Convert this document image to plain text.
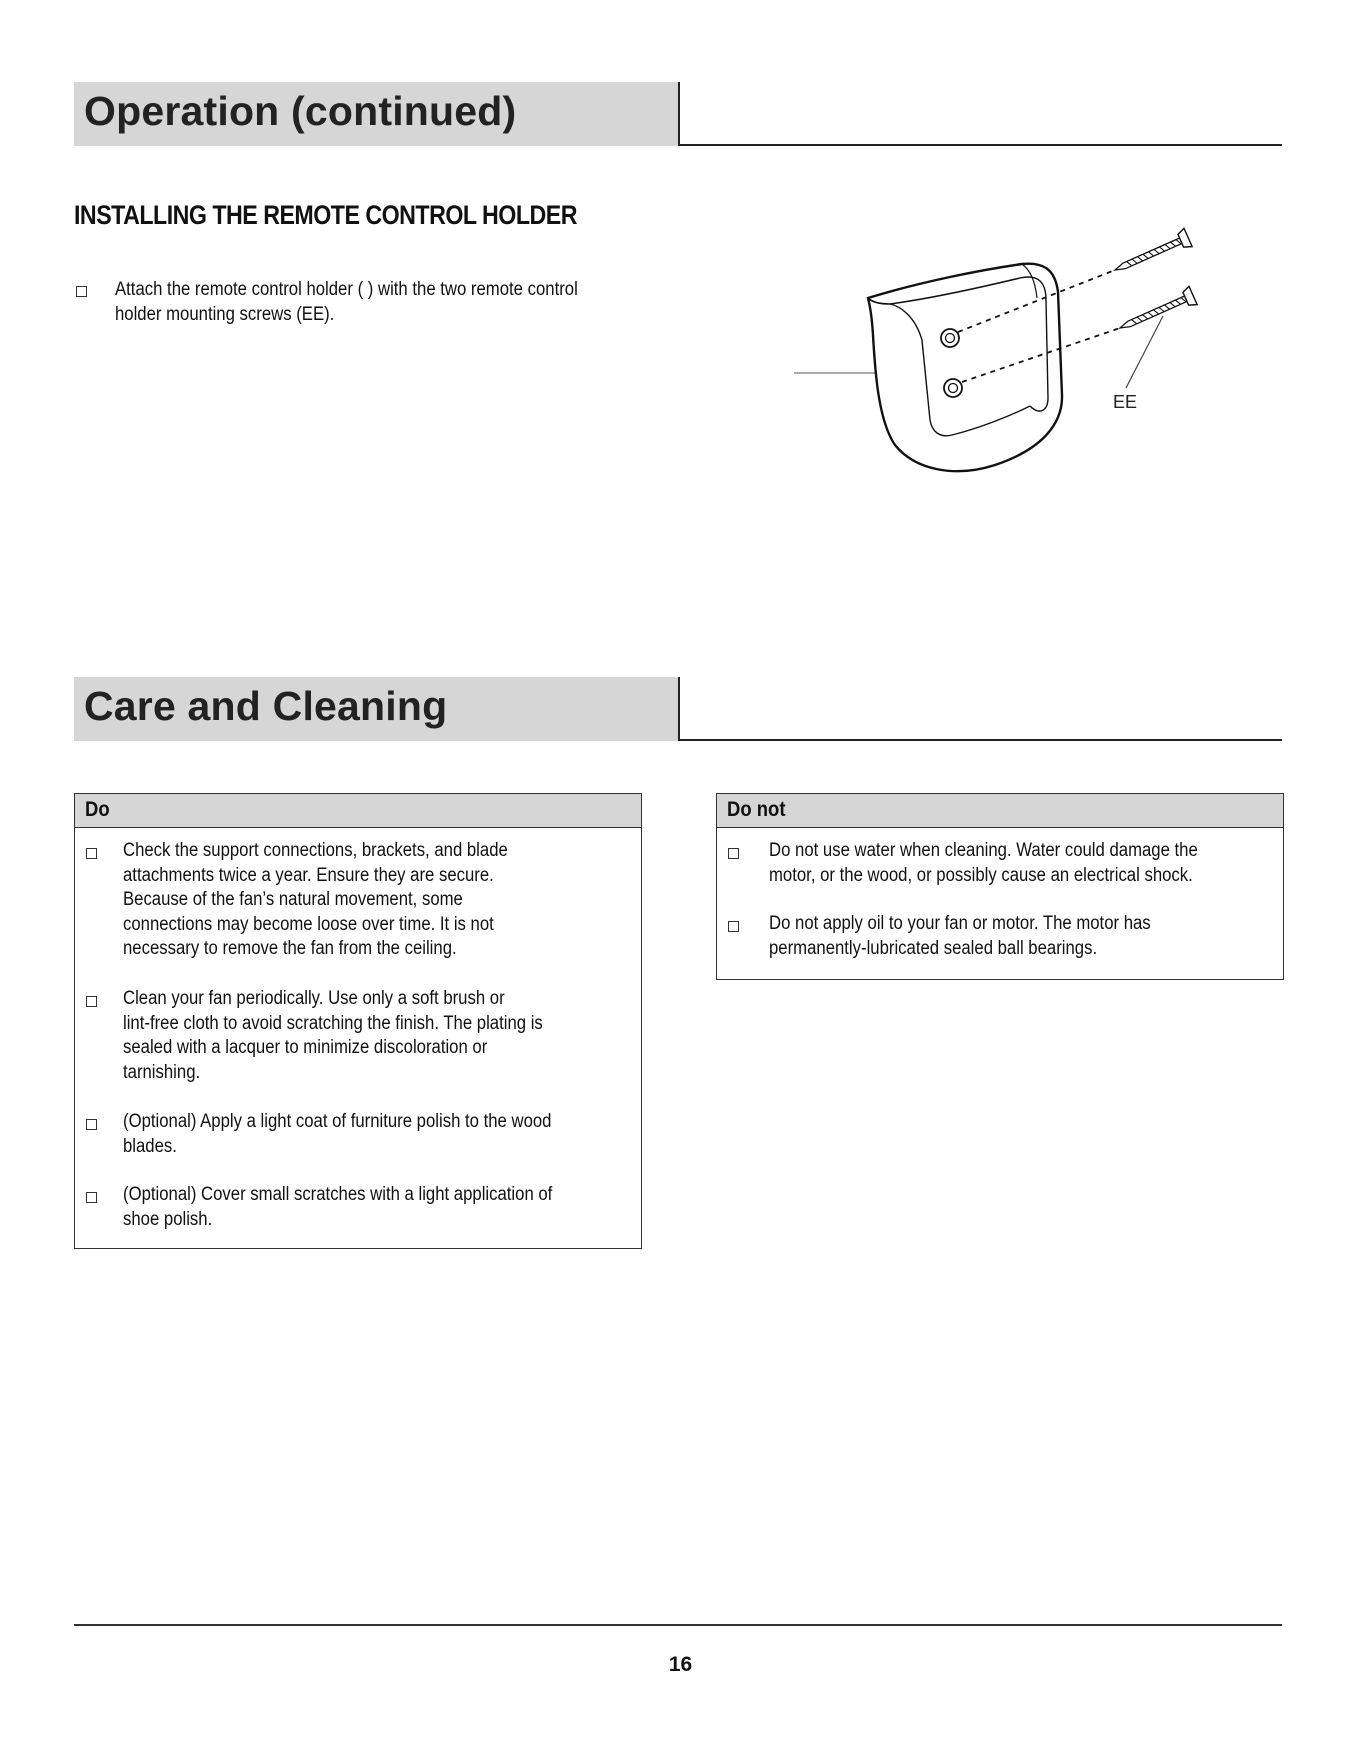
Operation (continued)
INSTALLING THE REMOTE CONTROL HOLDER
Attach the remote control holder ( ) with the two remote control
holder mounting screws (EE).
EE
Care and Cleaning
Do
Check the support connections, brackets, and blade
attachments twice a year. Ensure they are secure.
Because of the fan’s natural movement, some
connections may become loose over time. It is not
necessary to remove the fan from the ceiling.
Clean your fan periodically. Use only a soft brush or
lint-free cloth to avoid scratching the finish. The plating is
sealed with a lacquer to minimize discoloration or
tarnishing.
(Optional) Apply a light coat of furniture polish to the wood
blades.
(Optional) Cover small scratches with a light application of
shoe polish.
Do not
Do not use water when cleaning. Water could damage the
motor, or the wood, or possibly cause an electrical shock.
Do not apply oil to your fan or motor. The motor has
permanently-lubricated sealed ball bearings.
16
